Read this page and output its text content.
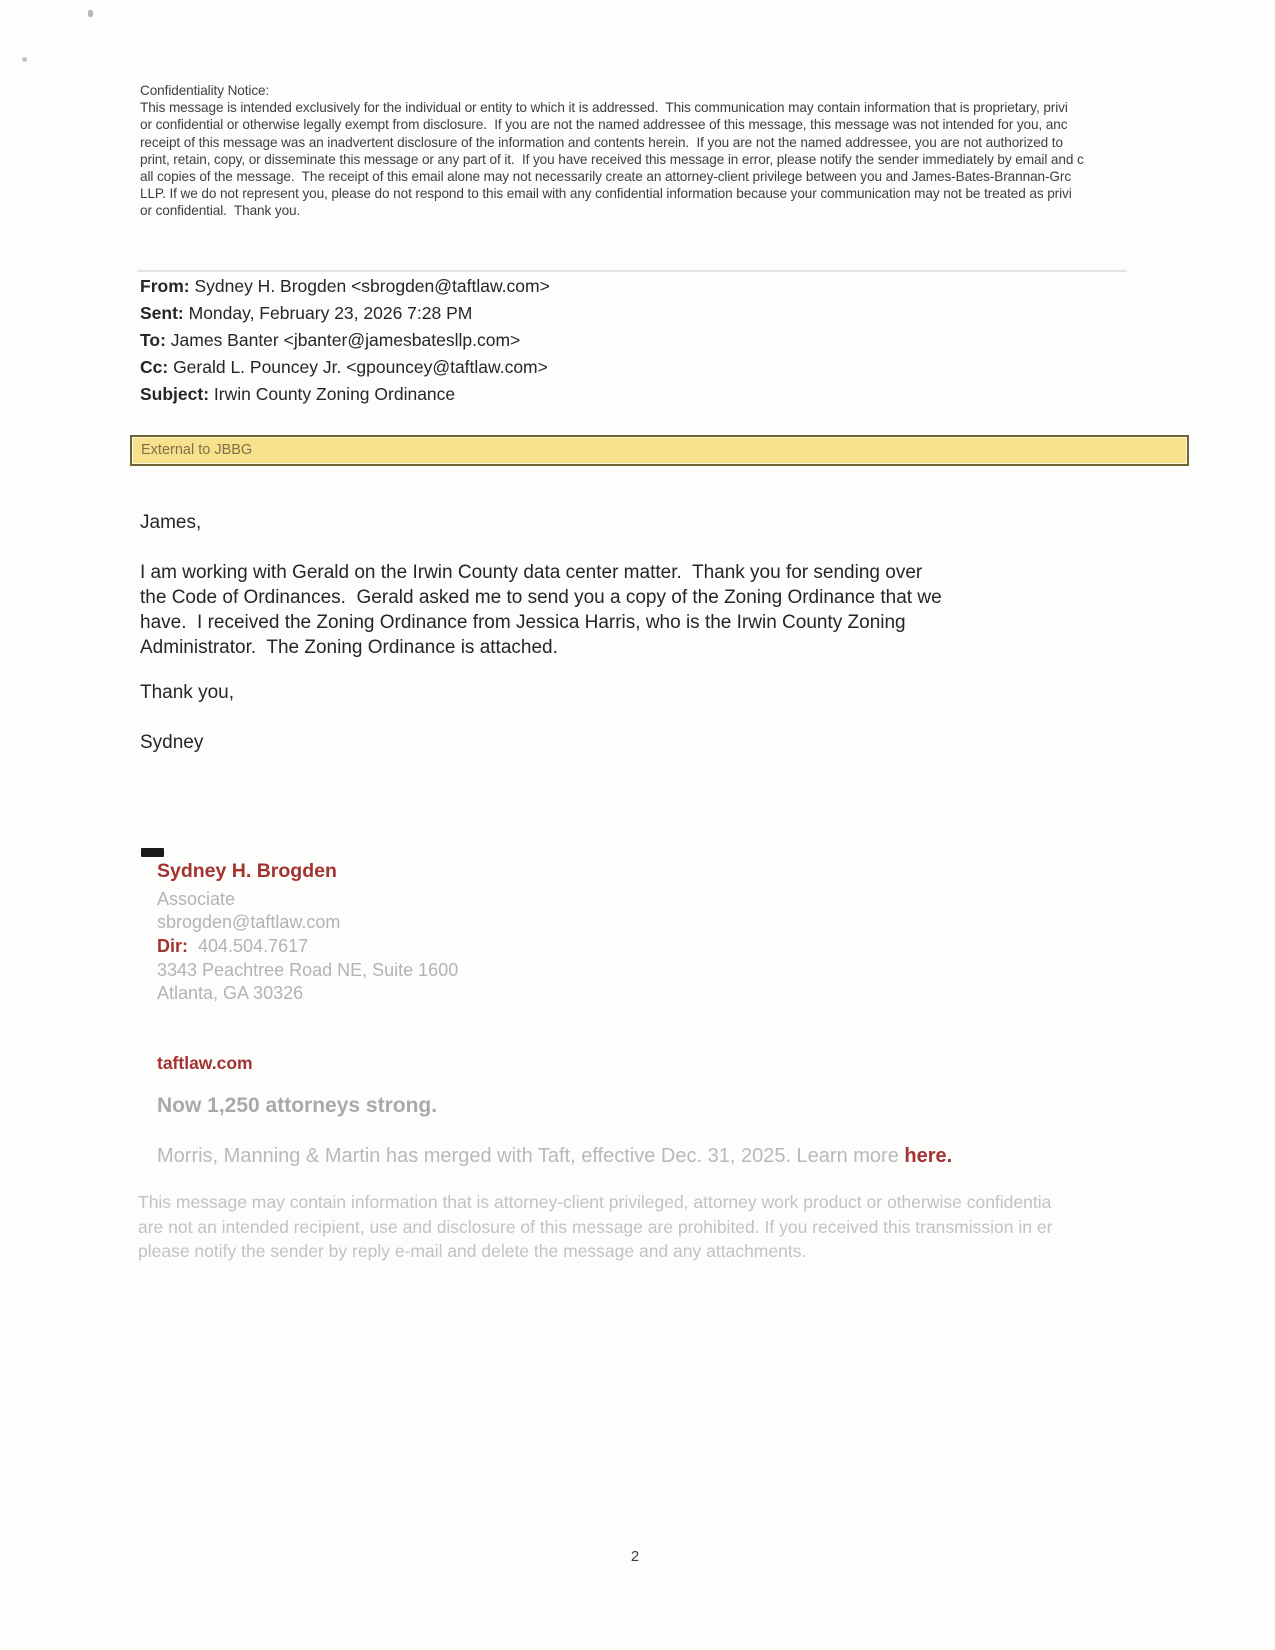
Confidentiality Notice:
This message is intended exclusively for the individual or entity to which it is addressed.  This communication may contain information that is proprietary, privi
or confidential or otherwise legally exempt from disclosure.  If you are not the named addressee of this message, this message was not intended for you, anc
receipt of this message was an inadvertent disclosure of the information and contents herein.  If you are not the named addressee, you are not authorized to
print, retain, copy, or disseminate this message or any part of it.  If you have received this message in error, please notify the sender immediately by email and c
all copies of the message.  The receipt of this email alone may not necessarily create an attorney-client privilege between you and James-Bates-Brannan-Grc
LLP. If we do not represent you, please do not respond to this email with any confidential information because your communication may not be treated as privi
or confidential.  Thank you.
From: Sydney H. Brogden <sbrogden@taftlaw.com>
Sent: Monday, February 23, 2026 7:28 PM
To: James Banter <jbanter@jamesbatesllp.com>
Cc: Gerald L. Pouncey Jr. <gpouncey@taftlaw.com>
Subject: Irwin County Zoning Ordinance
External to JBBG
James,
I am working with Gerald on the Irwin County data center matter.  Thank you for sending over
the Code of Ordinances.  Gerald asked me to send you a copy of the Zoning Ordinance that we
have.  I received the Zoning Ordinance from Jessica Harris, who is the Irwin County Zoning
Administrator.  The Zoning Ordinance is attached.
Thank you,
Sydney
Sydney H. Brogden
Associate
sbrogden@taftlaw.com
Dir:  404.504.7617
3343 Peachtree Road NE, Suite 1600
Atlanta, GA 30326
taftlaw.com
Now 1,250 attorneys strong.
Morris, Manning & Martin has merged with Taft, effective Dec. 31, 2025. Learn more here.
This message may contain information that is attorney-client privileged, attorney work product or otherwise confidentia
are not an intended recipient, use and disclosure of this message are prohibited. If you received this transmission in er
please notify the sender by reply e-mail and delete the message and any attachments.
2
